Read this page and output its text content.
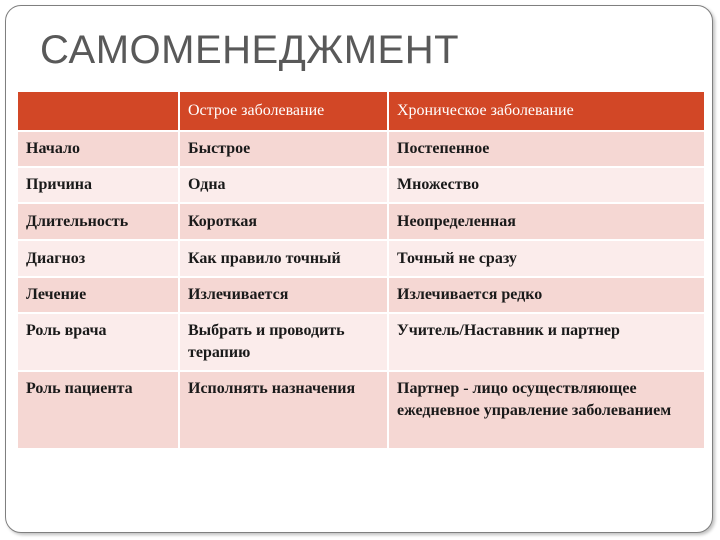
САМОМЕНЕДЖМЕНТ
	Острое заболевание	Хроническое заболевание
Начало	Быстрое	Постепенное
Причина	Одна	Множество
Длительность	Короткая	Неопределенная
Диагноз	Как правило точный	Точный не сразу
Лечение	Излечивается	Излечивается редко
Роль врача	Выбрать и проводить терапию	Учитель/Наставник и партнер
Роль пациента	Исполнять назначения	Партнер - лицо осуществляющее ежедневное управление заболеванием
